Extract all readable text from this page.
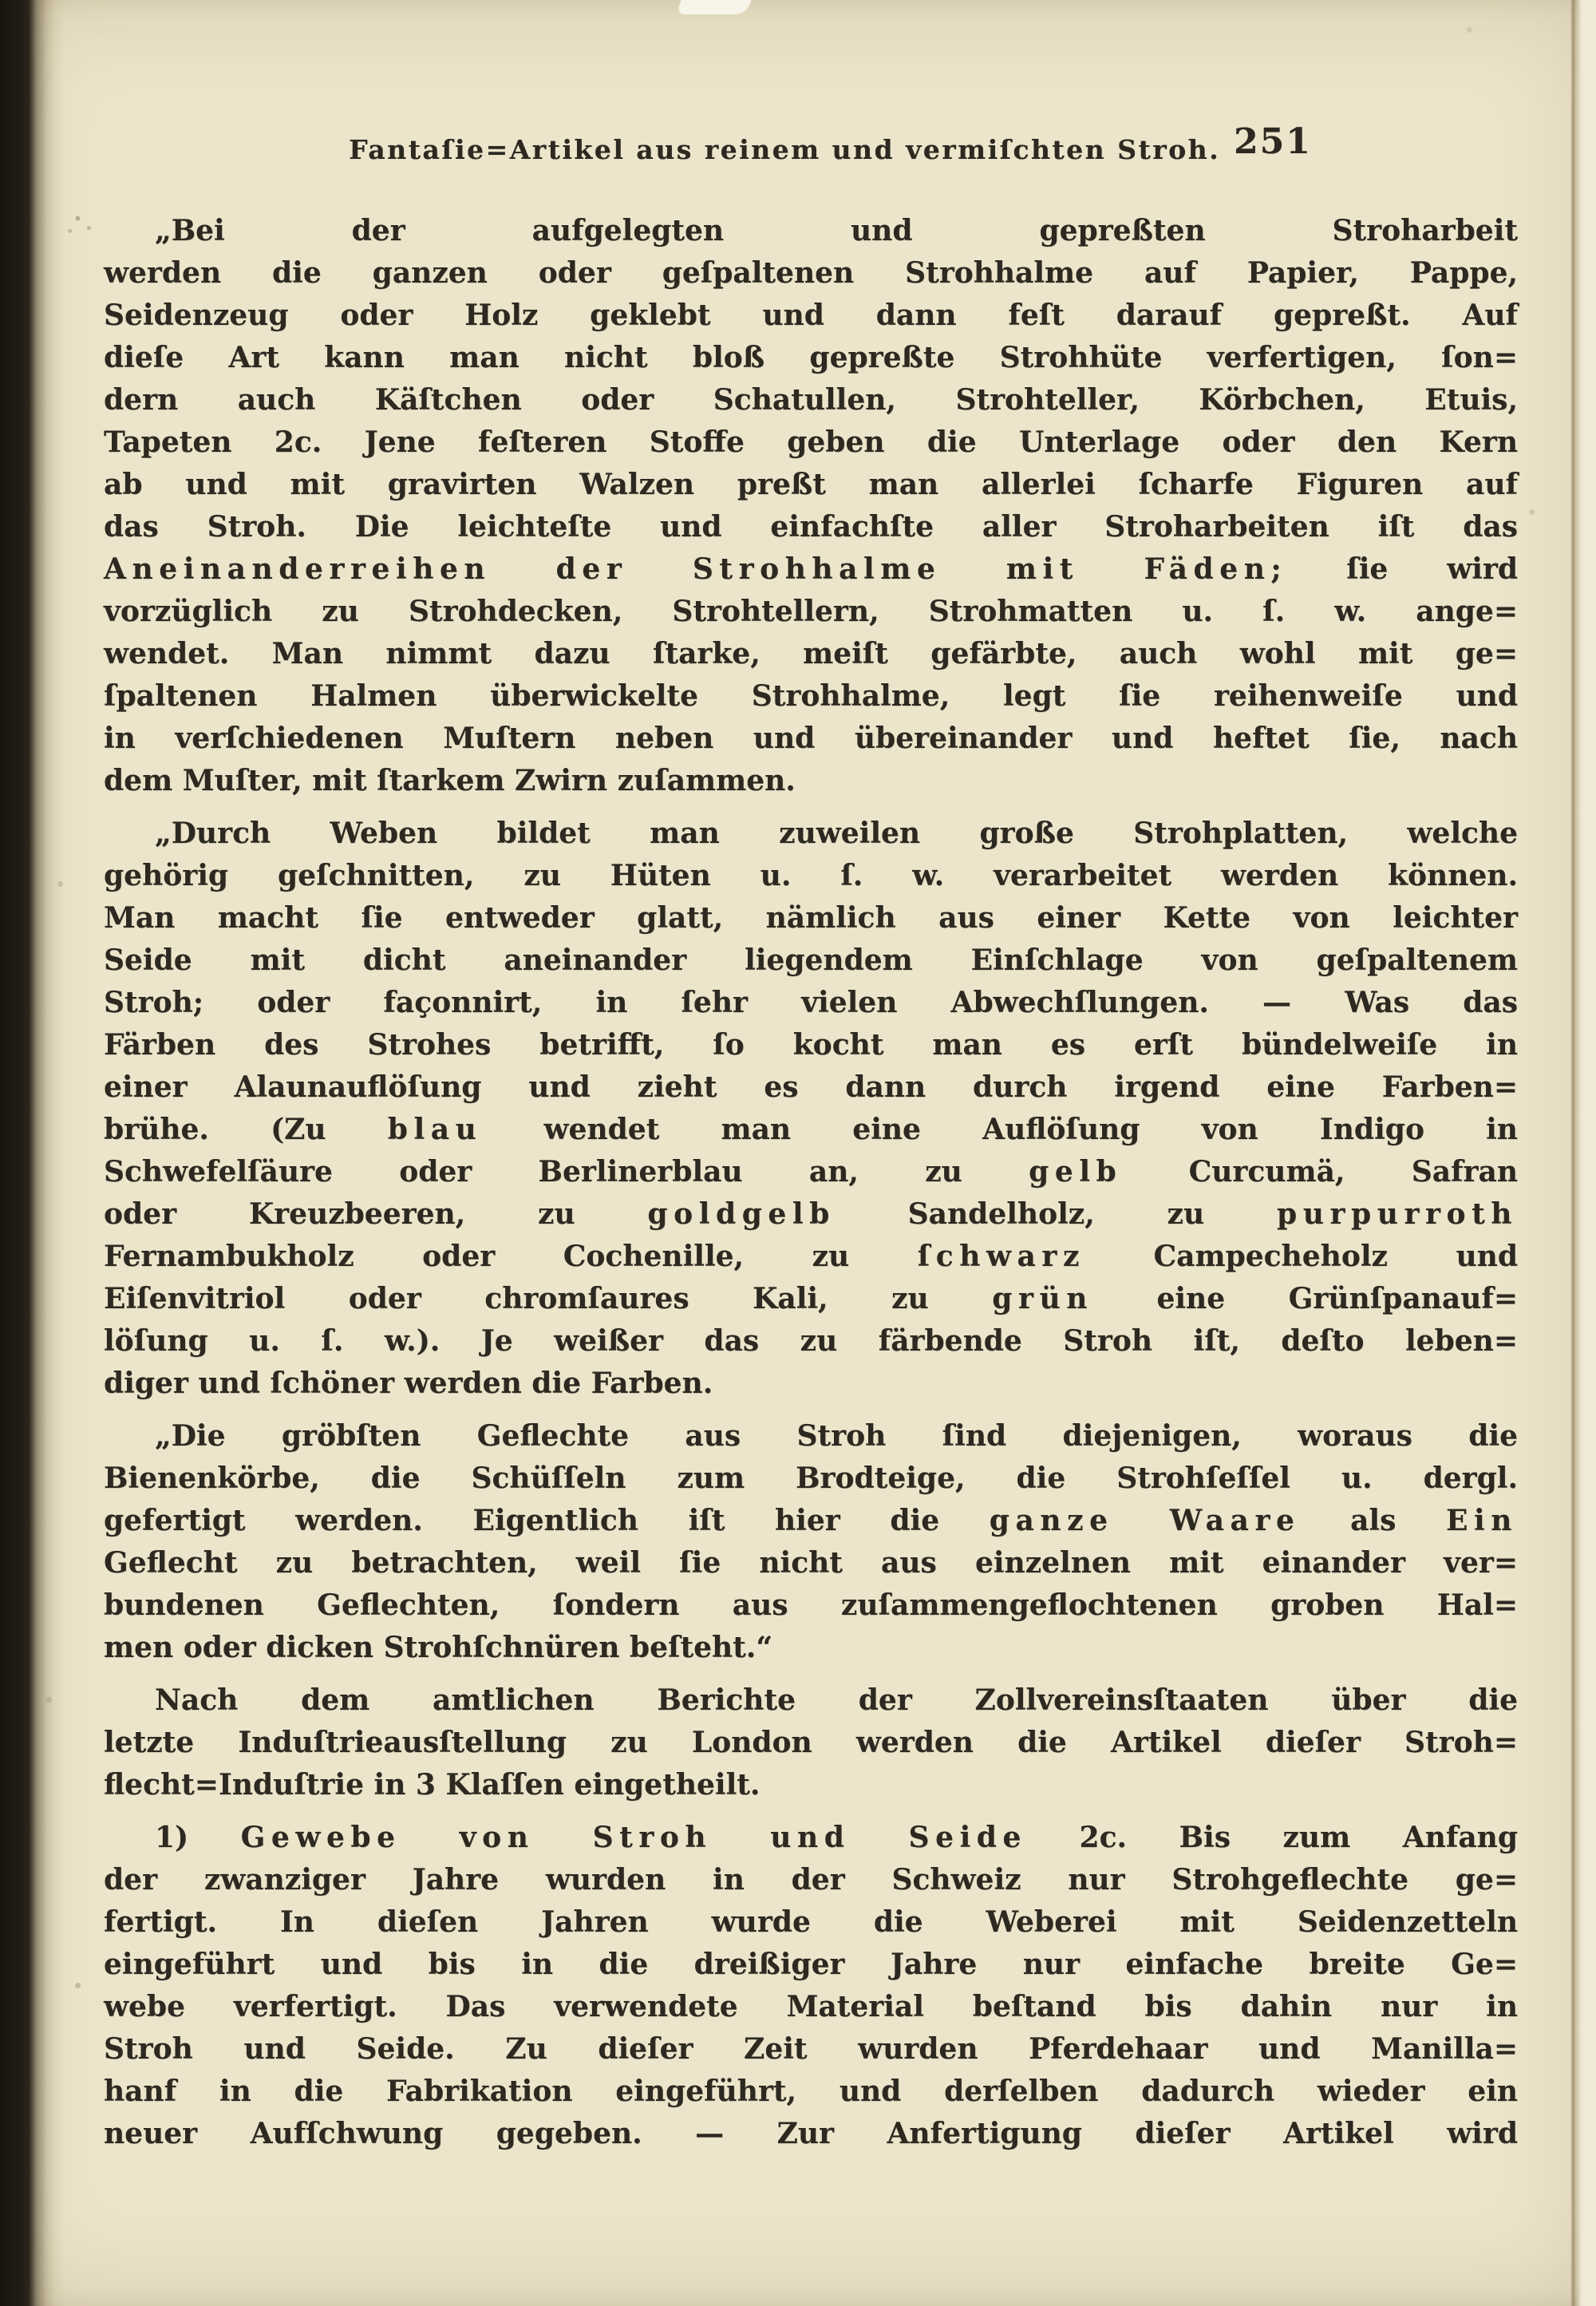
Fantaſie=Artikel aus reinem und vermiſchten Stroh. 251
„Bei der aufgelegten und gepreßten Stroharbeit
werden die ganzen oder geſpaltenen Strohhalme auf Papier, Pappe,
Seidenzeug oder Holz geklebt und dann feſt darauf gepreßt. Auf
dieſe Art kann man nicht bloß gepreßte Strohhüte verfertigen, ſon=
dern auch Käſtchen oder Schatullen, Strohteller, Körbchen, Etuis,
Tapeten 2c. Jene feſteren Stoffe geben die Unterlage oder den Kern
ab und mit gravirten Walzen preßt man allerlei ſcharfe Figuren auf
das Stroh. Die leichteſte und einfachſte aller Stroharbeiten iſt das
Aneinanderreihen der Strohhalme mit Fäden; ſie wird
vorzüglich zu Strohdecken, Strohtellern, Strohmatten u. ſ. w. ange=
wendet. Man nimmt dazu ſtarke, meiſt gefärbte, auch wohl mit ge=
ſpaltenen Halmen überwickelte Strohhalme, legt ſie reihenweiſe und
in verſchiedenen Muſtern neben und übereinander und heftet ſie, nach
dem Muſter, mit ſtarkem Zwirn zuſammen.
„Durch Weben bildet man zuweilen große Strohplatten, welche
gehörig geſchnitten, zu Hüten u. ſ. w. verarbeitet werden können.
Man macht ſie entweder glatt, nämlich aus einer Kette von leichter
Seide mit dicht aneinander liegendem Einſchlage von geſpaltenem
Stroh; oder façonnirt, in ſehr vielen Abwechſlungen. — Was das
Färben des Strohes betrifft, ſo kocht man es erſt bündelweiſe in
einer Alaunauflöſung und zieht es dann durch irgend eine Farben=
brühe. (Zu blau wendet man eine Auflöſung von Indigo in
Schwefelſäure oder Berlinerblau an, zu gelb Curcumä, Safran
oder Kreuzbeeren, zu goldgelb Sandelholz, zu purpurroth
Fernambukholz oder Cochenille, zu ſchwarz Campecheholz und
Eiſenvitriol oder chromſaures Kali, zu grün eine Grünſpanauf=
löſung u. ſ. w.). Je weißer das zu färbende Stroh iſt, deſto leben=
diger und ſchöner werden die Farben.
„Die gröbſten Geflechte aus Stroh ſind diejenigen, woraus die
Bienenkörbe, die Schüſſeln zum Brodteige, die Strohſeſſel u. dergl.
gefertigt werden. Eigentlich iſt hier die ganze Waare als Ein
Geflecht zu betrachten, weil ſie nicht aus einzelnen mit einander ver=
bundenen Geflechten, ſondern aus zuſammengeflochtenen groben Hal=
men oder dicken Strohſchnüren beſteht.“
Nach dem amtlichen Berichte der Zollvereinsſtaaten über die
letzte Induſtrieausſtellung zu London werden die Artikel dieſer Stroh=
flecht=Induſtrie in 3 Klaſſen eingetheilt.
1) Gewebe von Stroh und Seide 2c. Bis zum Anfang
der zwanziger Jahre wurden in der Schweiz nur Strohgeflechte ge=
fertigt. In dieſen Jahren wurde die Weberei mit Seidenzetteln
eingeführt und bis in die dreißiger Jahre nur einfache breite Ge=
webe verfertigt. Das verwendete Material beſtand bis dahin nur in
Stroh und Seide. Zu dieſer Zeit wurden Pferdehaar und Manilla=
hanf in die Fabrikation eingeführt, und derſelben dadurch wieder ein
neuer Aufſchwung gegeben. — Zur Anfertigung dieſer Artikel wird
